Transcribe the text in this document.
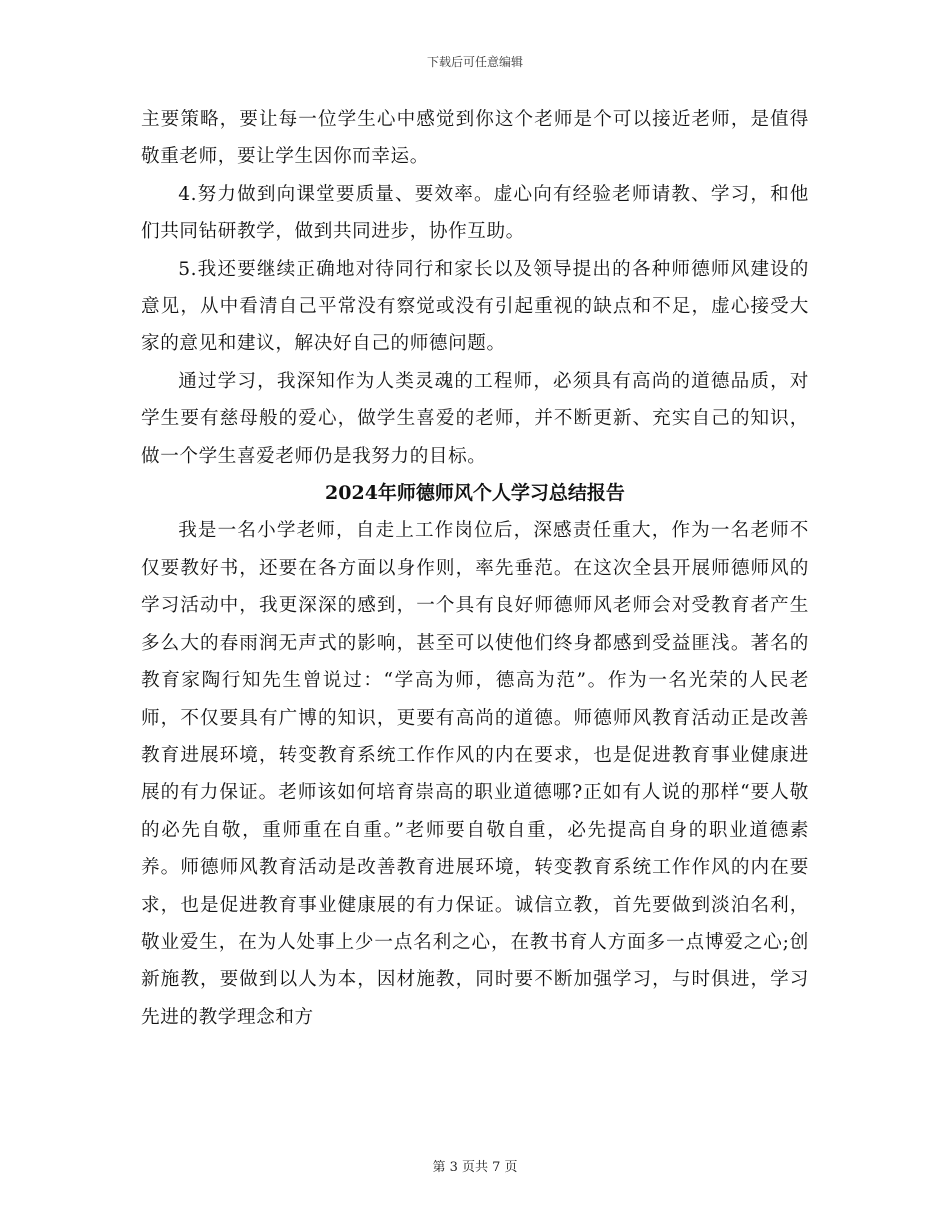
下载后可任意编辑

主要策略，要让每一位学生心中感觉到你这个老师是个可以接近老师，是值得敬重老师，要让学生因你而幸运。

4.努力做到向课堂要质量、要效率。虚心向有经验老师请教、学习，和他们共同钻研教学，做到共同进步，协作互助。

5.我还要继续正确地对待同行和家长以及领导提出的各种师德师风建设的意见，从中看清自己平常没有察觉或没有引起重视的缺点和不足，虚心接受大家的意见和建议，解决好自己的师德问题。

通过学习，我深知作为人类灵魂的工程师，必须具有高尚的道德品质，对学生要有慈母般的爱心，做学生喜爱的老师，并不断更新、充实自己的知识，做一个学生喜爱老师仍是我努力的目标。

2024年师德师风个人学习总结报告

我是一名小学老师，自走上工作岗位后，深感责任重大，作为一名老师不仅要教好书，还要在各方面以身作则，率先垂范。在这次全县开展师德师风的学习活动中，我更深深的感到，一个具有良好师德师风老师会对受教育者产生多么大的春雨润无声式的影响，甚至可以使他们终身都感到受益匪浅。著名的教育家陶行知先生曾说过：“学高为师，德高为范”。作为一名光荣的人民老师，不仅要具有广博的知识，更要有高尚的道德。师德师风教育活动正是改善教育进展环境，转变教育系统工作作风的内在要求，也是促进教育事业健康进展的有力保证。老师该如何培育崇高的职业道德哪?正如有人说的那样“要人敬的必先自敬，重师重在自重。”老师要自敬自重，必先提高自身的职业道德素养。师德师风教育活动是改善教育进展环境，转变教育系统工作作风的内在要求，也是促进教育事业健康展的有力保证。诚信立教，首先要做到淡泊名利，敬业爱生，在为人处事上少一点名利之心，在教书育人方面多一点博爱之心;创新施教，要做到以人为本，因材施教，同时要不断加强学习，与时俱进，学习先进的教学理念和方

第 3 页共 7 页
